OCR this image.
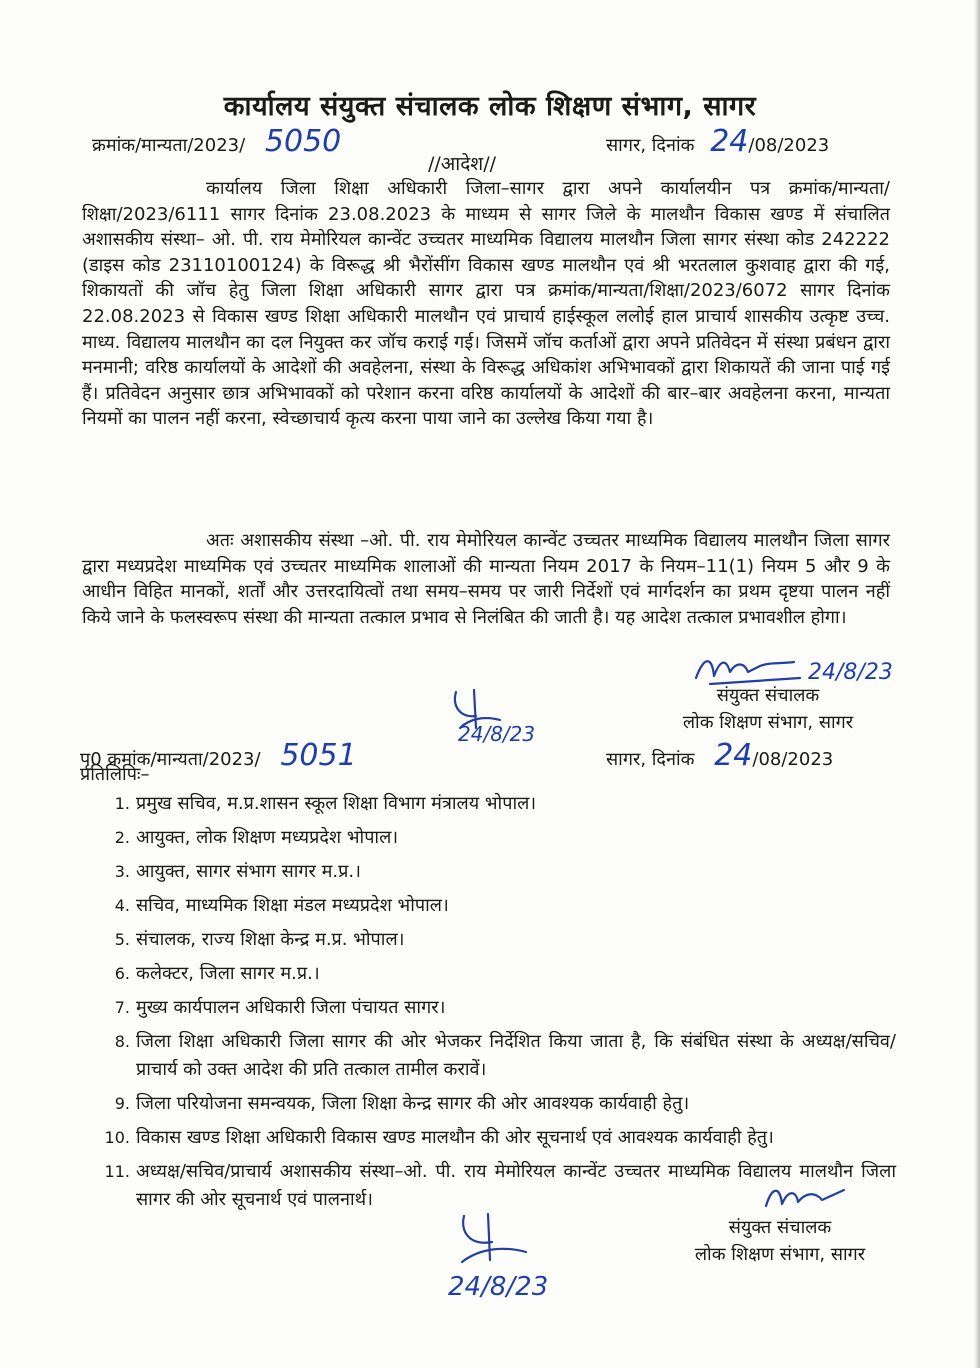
कार्यालय संयुक्त संचालक लोक शिक्षण संभाग, सागर
क्रमांक/मान्यता/2023/ 5050	सागर, दिनांक 24/08/2023
//आदेश//
कार्यालय जिला शिक्षा अधिकारी जिला–सागर द्वारा अपने कार्यालयीन पत्र क्रमांक/मान्यता/शिक्षा/2023/6111 सागर दिनांक 23.08.2023 के माध्यम से सागर जिले के मालथौन विकास खण्ड में संचालित अशासकीय संस्था– ओ. पी. राय मेमोरियल कान्वेंट उच्चतर माध्यमिक विद्यालय मालथौन जिला सागर संस्था कोड 242222 (डाइस कोड 23110100124) के विरूद्ध श्री भैरोंसींग विकास खण्ड मालथौन एवं श्री भरतलाल कुशवाह द्वारा की गई, शिकायतों की जॉच हेतु जिला शिक्षा अधिकारी सागर द्वारा पत्र क्रमांक/मान्यता/शिक्षा/2023/6072 सागर दिनांक 22.08.2023 से विकास खण्ड शिक्षा अधिकारी मालथौन एवं प्राचार्य हाईस्कूल ललोई हाल प्राचार्य शासकीय उत्कृष्ट उच्च. माध्य. विद्यालय मालथौन का दल नियुक्त कर जॉच कराई गई। जिसमें जॉच कर्ताओं द्वारा अपने प्रतिवेदन में संस्था प्रबंधन द्वारा मनमानी; वरिष्ठ कार्यालयों के आदेशों की अवहेलना, संस्था के विरूद्ध अधिकांश अभिभावकों द्वारा शिकायतें की जाना पाई गई हैं। प्रतिवेदन अनुसार छात्र अभिभावकों को परेशान करना वरिष्ठ कार्यालयों के आदेशों की बार–बार अवहेलना करना, मान्यता नियमों का पालन नहीं करना, स्वेच्छाचार्य कृत्य करना पाया जाने का उल्लेख किया गया है।
अतः अशासकीय संस्था –ओ. पी. राय मेमोरियल कान्वेंट उच्चतर माध्यमिक विद्यालय मालथौन जिला सागर द्वारा मध्यप्रदेश माध्यमिक एवं उच्चतर माध्यमिक शालाओं की मान्यता नियम 2017 के नियम–11(1) नियम 5 और 9 के आधीन विहित मानकों, शर्तों और उत्तरदायित्वों तथा समय–समय पर जारी निर्देशों एवं मार्गदर्शन का प्रथम दृष्टया पालन नहीं किये जाने के फलस्वरूप संस्था की मान्यता तत्काल प्रभाव से निलंबित की जाती है। यह आदेश तत्काल प्रभावशील होगा।
24/8/23
संयुक्त संचालक
लोक शिक्षण संभाग, सागर
पृ0 क्रमांक/मान्यता/2023/ 5051
24/8/23
सागर, दिनांक 24/08/2023
प्रतिलिपिः–
1. प्रमुख सचिव, म.प्र.शासन स्कूल शिक्षा विभाग मंत्रालय भोपाल।
2. आयुक्त, लोक शिक्षण मध्यप्रदेश भोपाल।
3. आयुक्त, सागर संभाग सागर म.प्र.।
4. सचिव, माध्यमिक शिक्षा मंडल मध्यप्रदेश भोपाल।
5. संचालक, राज्य शिक्षा केन्द्र म.प्र. भोपाल।
6. कलेक्टर, जिला सागर म.प्र.।
7. मुख्य कार्यपालन अधिकारी जिला पंचायत सागर।
8. जिला शिक्षा अधिकारी जिला सागर की ओर भेजकर निर्देशित किया जाता है, कि संबंधित संस्था के अध्यक्ष/सचिव/प्राचार्य को उक्त आदेश की प्रति तत्काल तामील करावें।
9. जिला परियोजना समन्वयक, जिला शिक्षा केन्द्र सागर की ओर आवश्यक कार्यवाही हेतु।
10. विकास खण्ड शिक्षा अधिकारी विकास खण्ड मालथौन की ओर सूचनार्थ एवं आवश्यक कार्यवाही हेतु।
11. अध्यक्ष/सचिव/प्राचार्य अशासकीय संस्था–ओ. पी. राय मेमोरियल कान्वेंट उच्चतर माध्यमिक विद्यालय मालथौन जिला सागर की ओर सूचनार्थ एवं पालनार्थ।
संयुक्त संचालक
लोक शिक्षण संभाग, सागर
24/8/23
